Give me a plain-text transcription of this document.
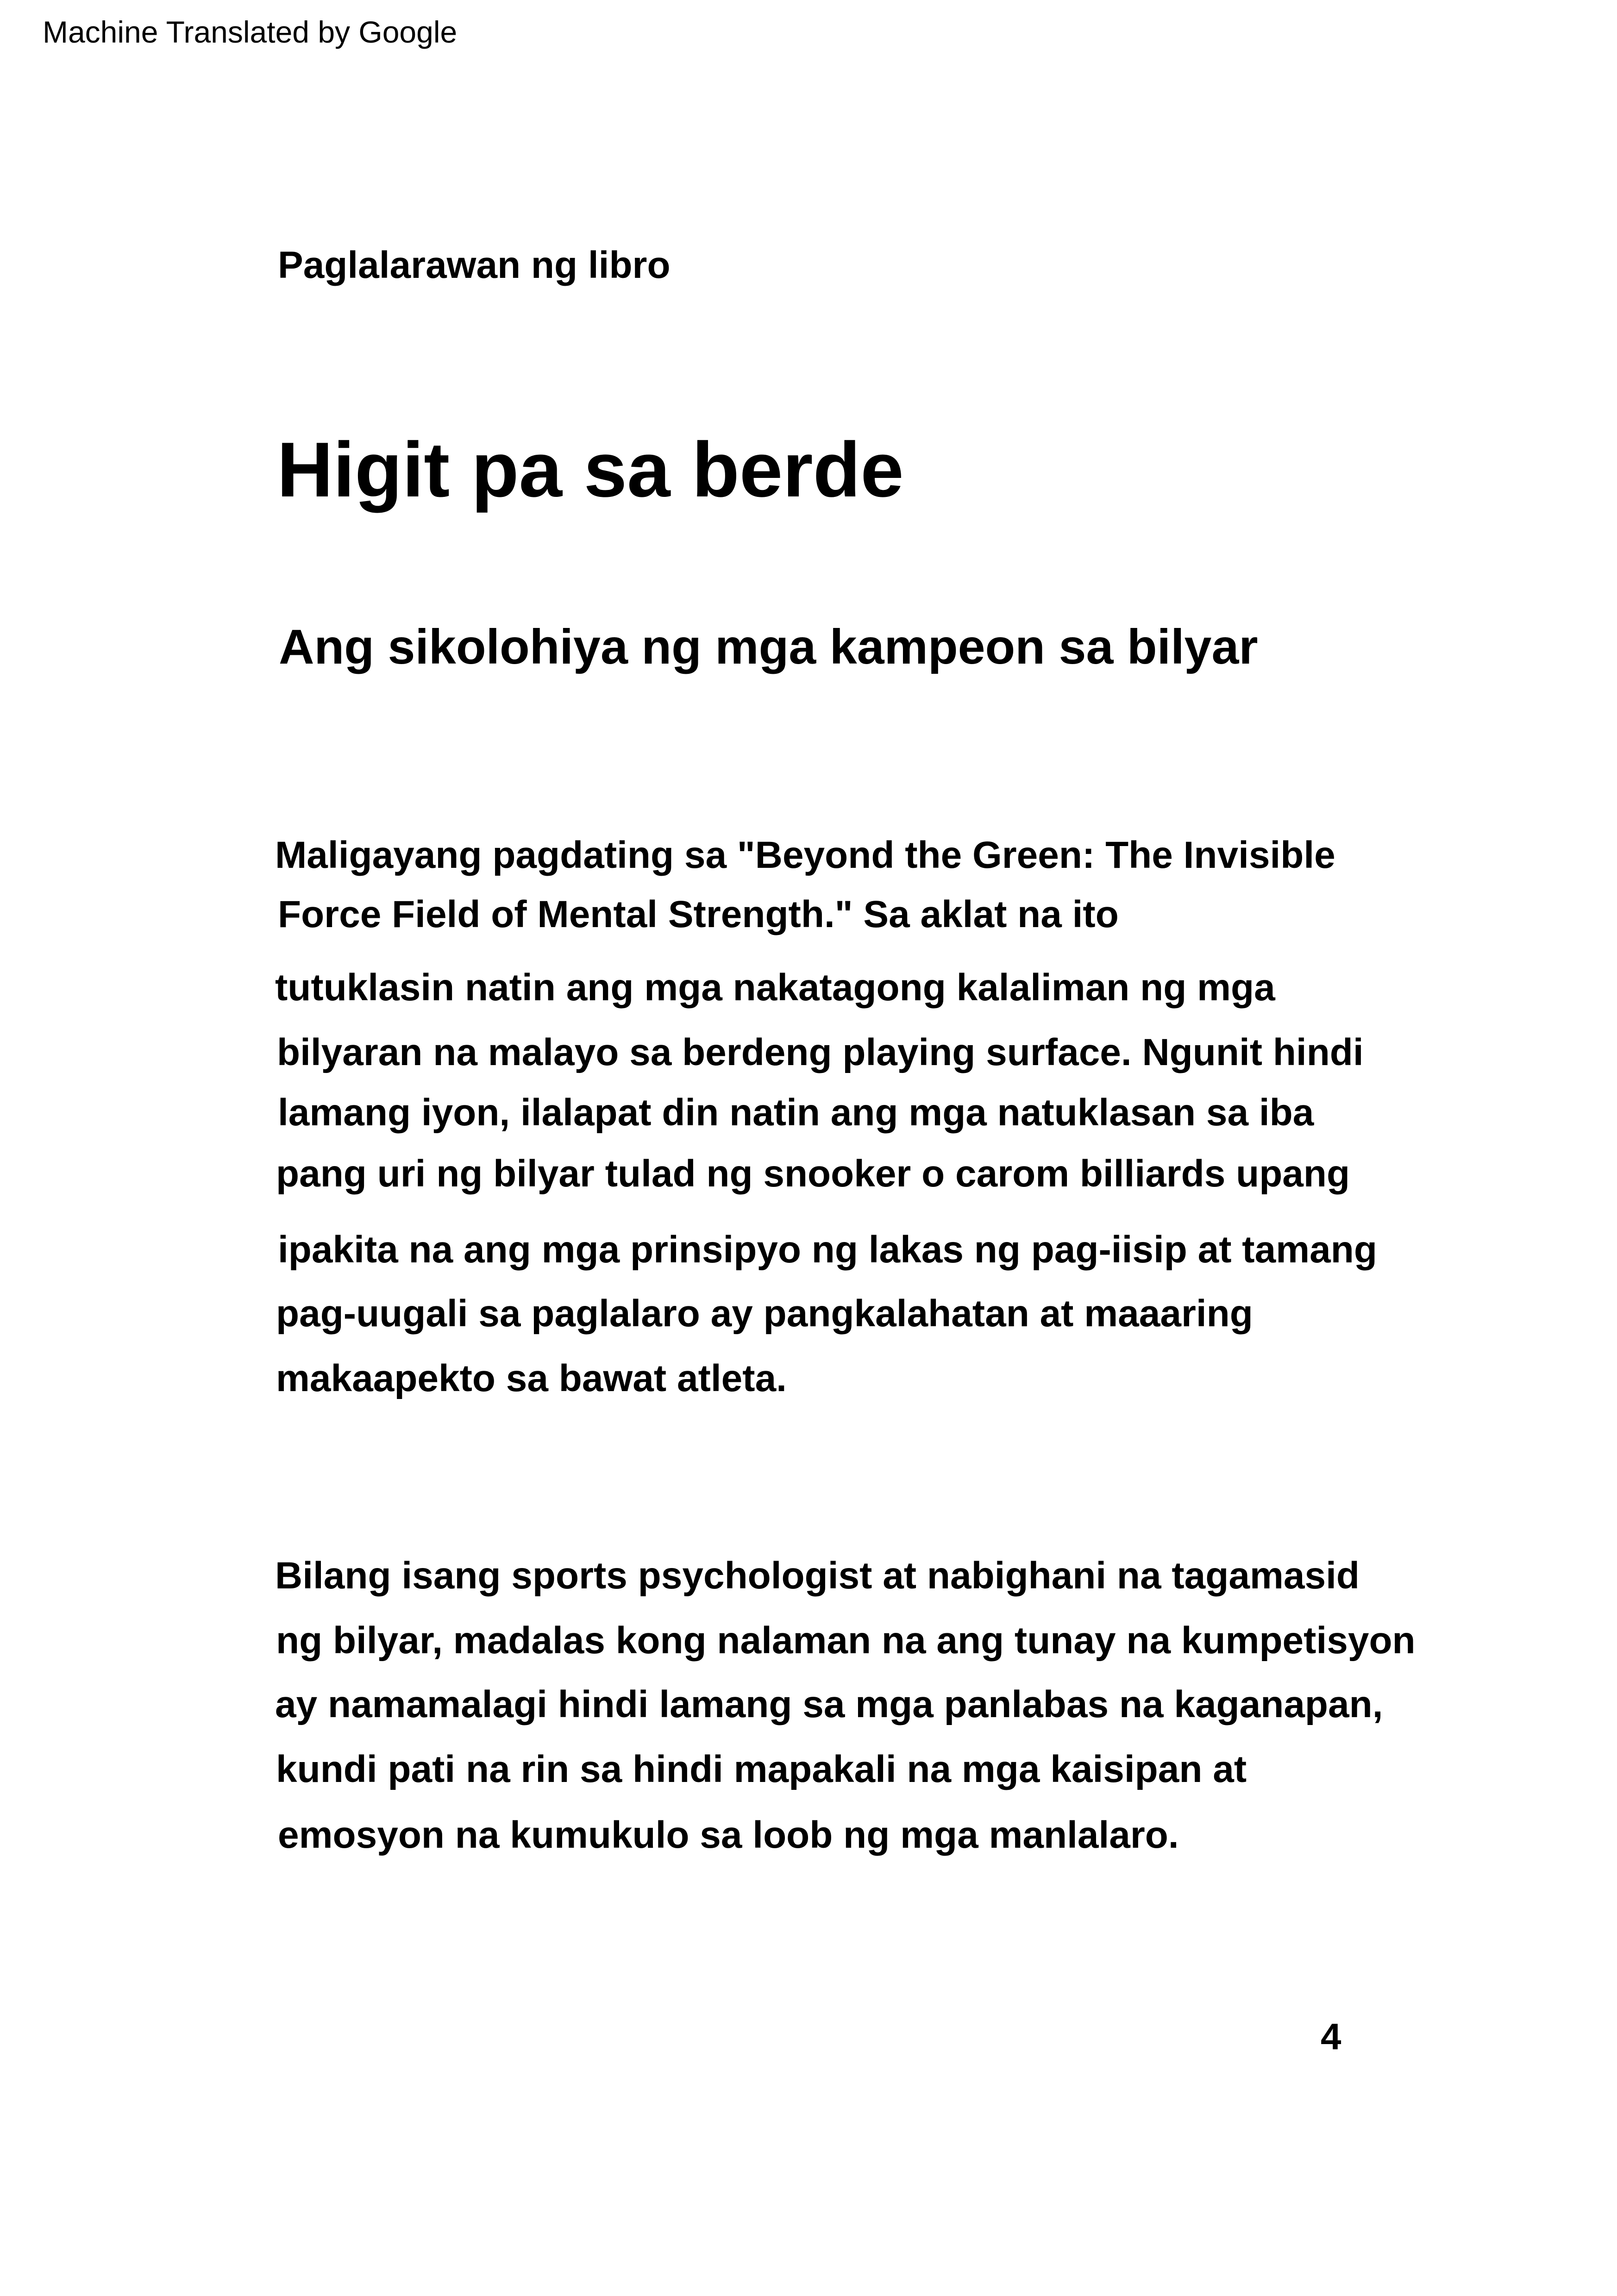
Machine Translated by Google
Paglalarawan ng libro
Higit pa sa berde
Ang sikolohiya ng mga kampeon sa bilyar
Maligayang pagdating sa "Beyond the Green: The Invisible
Force Field of Mental Strength." Sa aklat na ito
tutuklasin natin ang mga nakatagong kalaliman ng mga
bilyaran na malayo sa berdeng playing surface. Ngunit hindi
lamang iyon, ilalapat din natin ang mga natuklasan sa iba
pang uri ng bilyar tulad ng snooker o carom billiards upang
ipakita na ang mga prinsipyo ng lakas ng pag-iisip at tamang
pag-uugali sa paglalaro ay pangkalahatan at maaaring
makaapekto sa bawat atleta.
Bilang isang sports psychologist at nabighani na tagamasid
ng bilyar, madalas kong nalaman na ang tunay na kumpetisyon
ay namamalagi hindi lamang sa mga panlabas na kaganapan,
kundi pati na rin sa hindi mapakali na mga kaisipan at
emosyon na kumukulo sa loob ng mga manlalaro.
4
